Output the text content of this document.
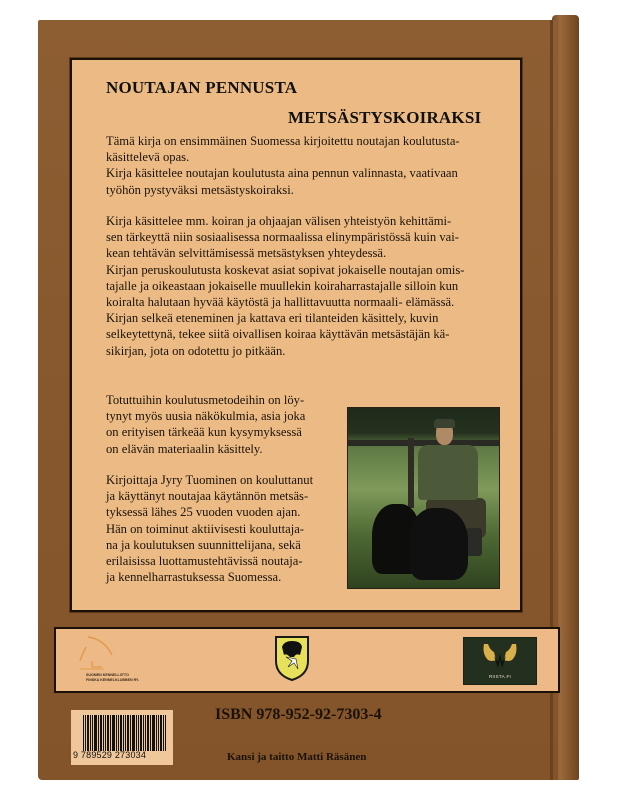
NOUTAJAN PENNUSTA
METSÄSTYSKOIRAKSI
Tämä kirja on ensimmäinen Suomessa kirjoitettu noutajan koulutusta-
käsittelevä opas.
Kirja käsittelee noutajan koulutusta aina pennun valinnasta, vaativaan
työhön pystyväksi metsästyskoiraksi.
Kirja käsittelee mm. koiran ja ohjaajan välisen yhteistyön kehittämi-
sen tärkeyttä niin sosiaalisessa normaalissa elinympäristössä kuin vai-
kean tehtävän selvittämisessä metsästyksen yhteydessä.
Kirjan peruskoulutusta koskevat asiat sopivat jokaiselle noutajan omis-
tajalle ja oikeastaan jokaiselle muullekin koiraharrastajalle silloin kun
koiralta halutaan hyvää käytöstä ja hallittavuutta normaali- elämässä.
Kirjan selkeä eteneminen ja kattava eri tilanteiden käsittely, kuvin
selkeytettynä, tekee siitä oivallisen koiraa käyttävän metsästäjän kä-
sikirjan, jota on odotettu jo pitkään.
Totuttuihin koulutusmetodeihin on löy-
tynyt myös uusia näkökulmia, asia joka
on erityisen tärkeää kun kysymyksessä
on elävän materiaalin käsittely.
Kirjoittaja Jyry Tuominen on kouluttanut
ja käyttänyt noutajaa käytännön metsäs-
tyksessä lähes 25 vuoden vuoden ajan.
Hän on toiminut aktiivisesti kouluttaja-
na ja koulutuksen suunnittelijana, sekä
erilaisissa luottamustehtävissä noutaja-
ja kennelharrastuksessa Suomessa.
SUOMEN KENNELLIITTO
FINSKA KENNELKLUBBEN RY.
RIISTA.FI
9 789529 273034
ISBN 978-952-92-7303-4
Kansi ja taitto Matti Räsänen
